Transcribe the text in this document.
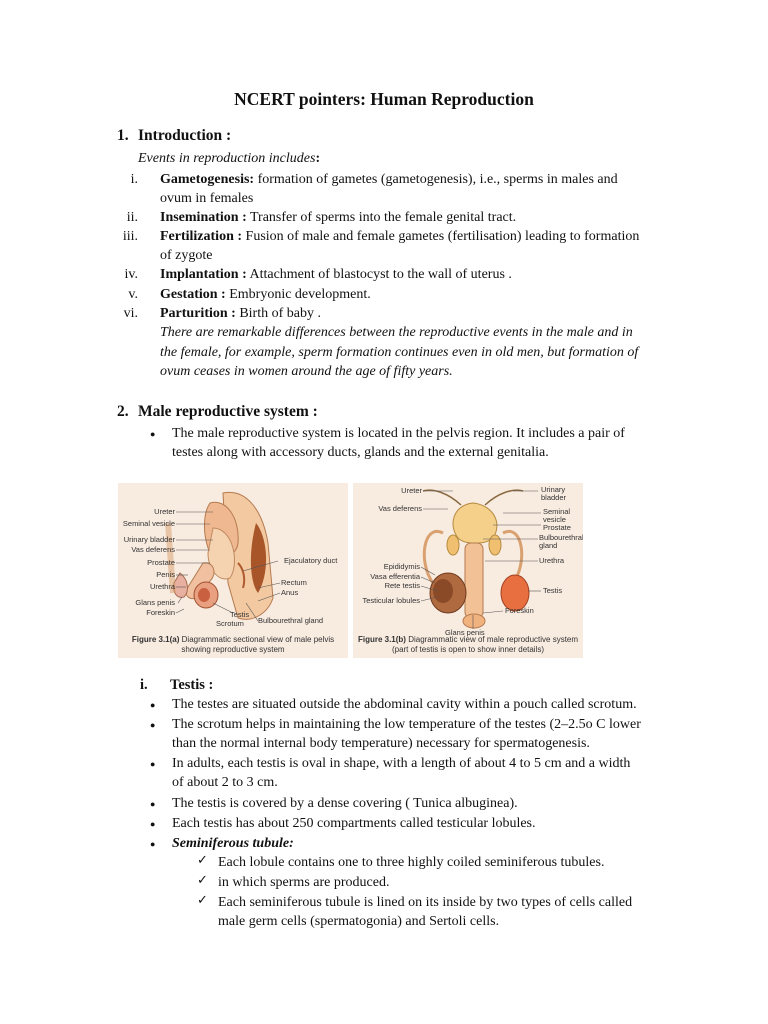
NCERT pointers: Human Reproduction
1. Introduction :
Events in reproduction includes:
i. Gametogenesis: formation of gametes (gametogenesis), i.e., sperms in males and
ovum in females
ii. Insemination : Transfer of sperms into the female genital tract.
iii. Fertilization : Fusion of male and female gametes (fertilisation) leading to formation
of zygote
iv. Implantation : Attachment of blastocyst to the wall of uterus .
v. Gestation : Embryonic development.
vi. Parturition : Birth of baby .
There are remarkable differences between the reproductive events in the male and in
the female, for example, sperm formation continues even in old men, but formation of
ovum ceases in women around the age of fifty years.
2. Male reproductive system :
●
The male reproductive system is located in the pelvis region. It includes a pair of
testes along with accessory ducts, glands and the external genitalia.
Ureter
Seminal vesicle
Urinary bladder
Vas deferens
Prostate
Penis
Urethra
Glans penis
Foreskin
Ejaculatory duct
Rectum
Anus
Bulbourethral gland
Testis
Scrotum
Figure 3.1(a) Diagrammatic sectional view of male pelvis
showing reproductive system
Ureter
Vas deferens
Epididymis
Vasa efferentia
Rete testis
Testicular lobules
Urinary
bladder
Seminal
vesicle
Prostate
Bulbourethral
gland
Urethra
Testis
Foreskin
Glans penis
Figure 3.1(b) Diagrammatic view of male reproductive system
(part of testis is open to show inner details)
i. Testis :
●
The testes are situated outside the abdominal cavity within a pouch called scrotum.
●
The scrotum helps in maintaining the low temperature of the testes (2–2.5o C lower
than the normal internal body temperature) necessary for spermatogenesis.
●
In adults, each testis is oval in shape, with a length of about 4 to 5 cm and a width
of about 2 to 3 cm.
●
The testis is covered by a dense covering ( Tunica albuginea).
●
Each testis has about 250 compartments called testicular lobules.
●
Seminiferous tubule:
✓ Each lobule contains one to three highly coiled seminiferous tubules.
✓ in which sperms are produced.
✓ Each seminiferous tubule is lined on its inside by two types of cells called
male germ cells (spermatogonia) and Sertoli cells.
